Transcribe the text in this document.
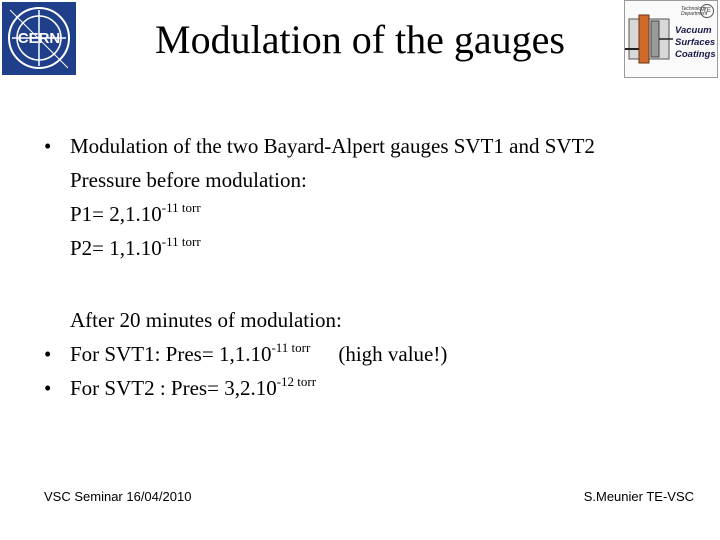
CERN	Modulation of the gauges
Technology Department
TE
Vacuum
Surfaces
Coatings
• Modulation of the two Bayard-Alpert gauges SVT1 and SVT2
Pressure before modulation:
$P1= 2,1.10^{-11 torr}$
$P2= 1,1.10^{-11 torr}$
After 20 minutes of modulation:
• For SVT1: Pres= $1,1.10^{-11 torr}$ (high value!)
• For SVT2 : Pres= $3,2.10^{-12 torr}$
VSC Seminar 16/04/2010	S.Meunier TE-VSC
